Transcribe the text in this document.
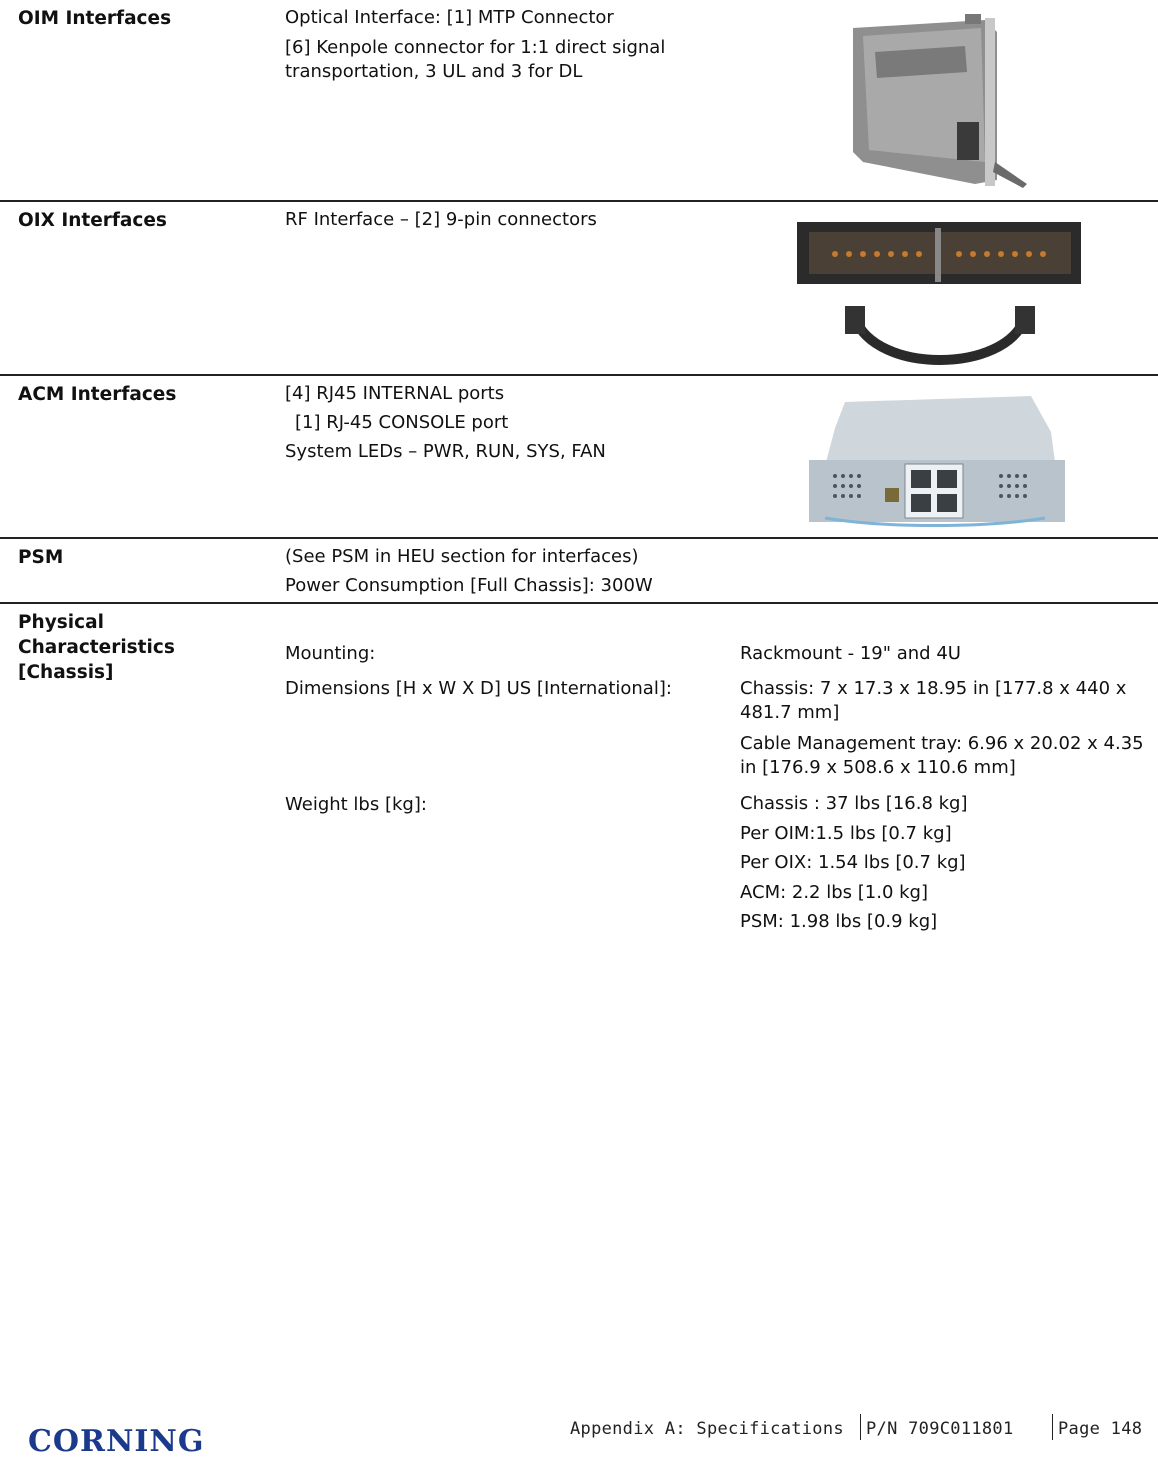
OIM Interfaces	Optical Interface: [1] MTP Connector
[6] Kenpole connector for 1:1 direct signal transportation, 3 UL and 3 for DL
OIX Interfaces	RF Interface – [2] 9-pin connectors
ACM Interfaces	[4] RJ45 INTERNAL ports
[1] RJ-45 CONSOLE port
System LEDs – PWR, RUN, SYS, FAN
PSM	(See PSM in HEU section for interfaces)
Power Consumption [Full Chassis]: 300W
Physical
Characteristics
[Chassis]
Mounting:	Rackmount - 19" and 4U
Dimensions [H x W X D] US [International]:	Chassis: 7 x 17.3 x 18.95 in [177.8 x 440 x 481.7 mm]
Cable Management tray: 6.96 x 20.02 x 4.35 in [176.9 x 508.6 x 110.6 mm]
Weight lbs [kg]:	Chassis : 37 lbs [16.8 kg]
Per OIM:1.5 lbs [0.7 kg]
Per OIX: 1.54 lbs [0.7 kg]
ACM: 2.2 lbs [1.0 kg]
PSM: 1.98 lbs [0.9 kg]
CORNING	Appendix A: Specifications P/N 709C011801	Page 148
